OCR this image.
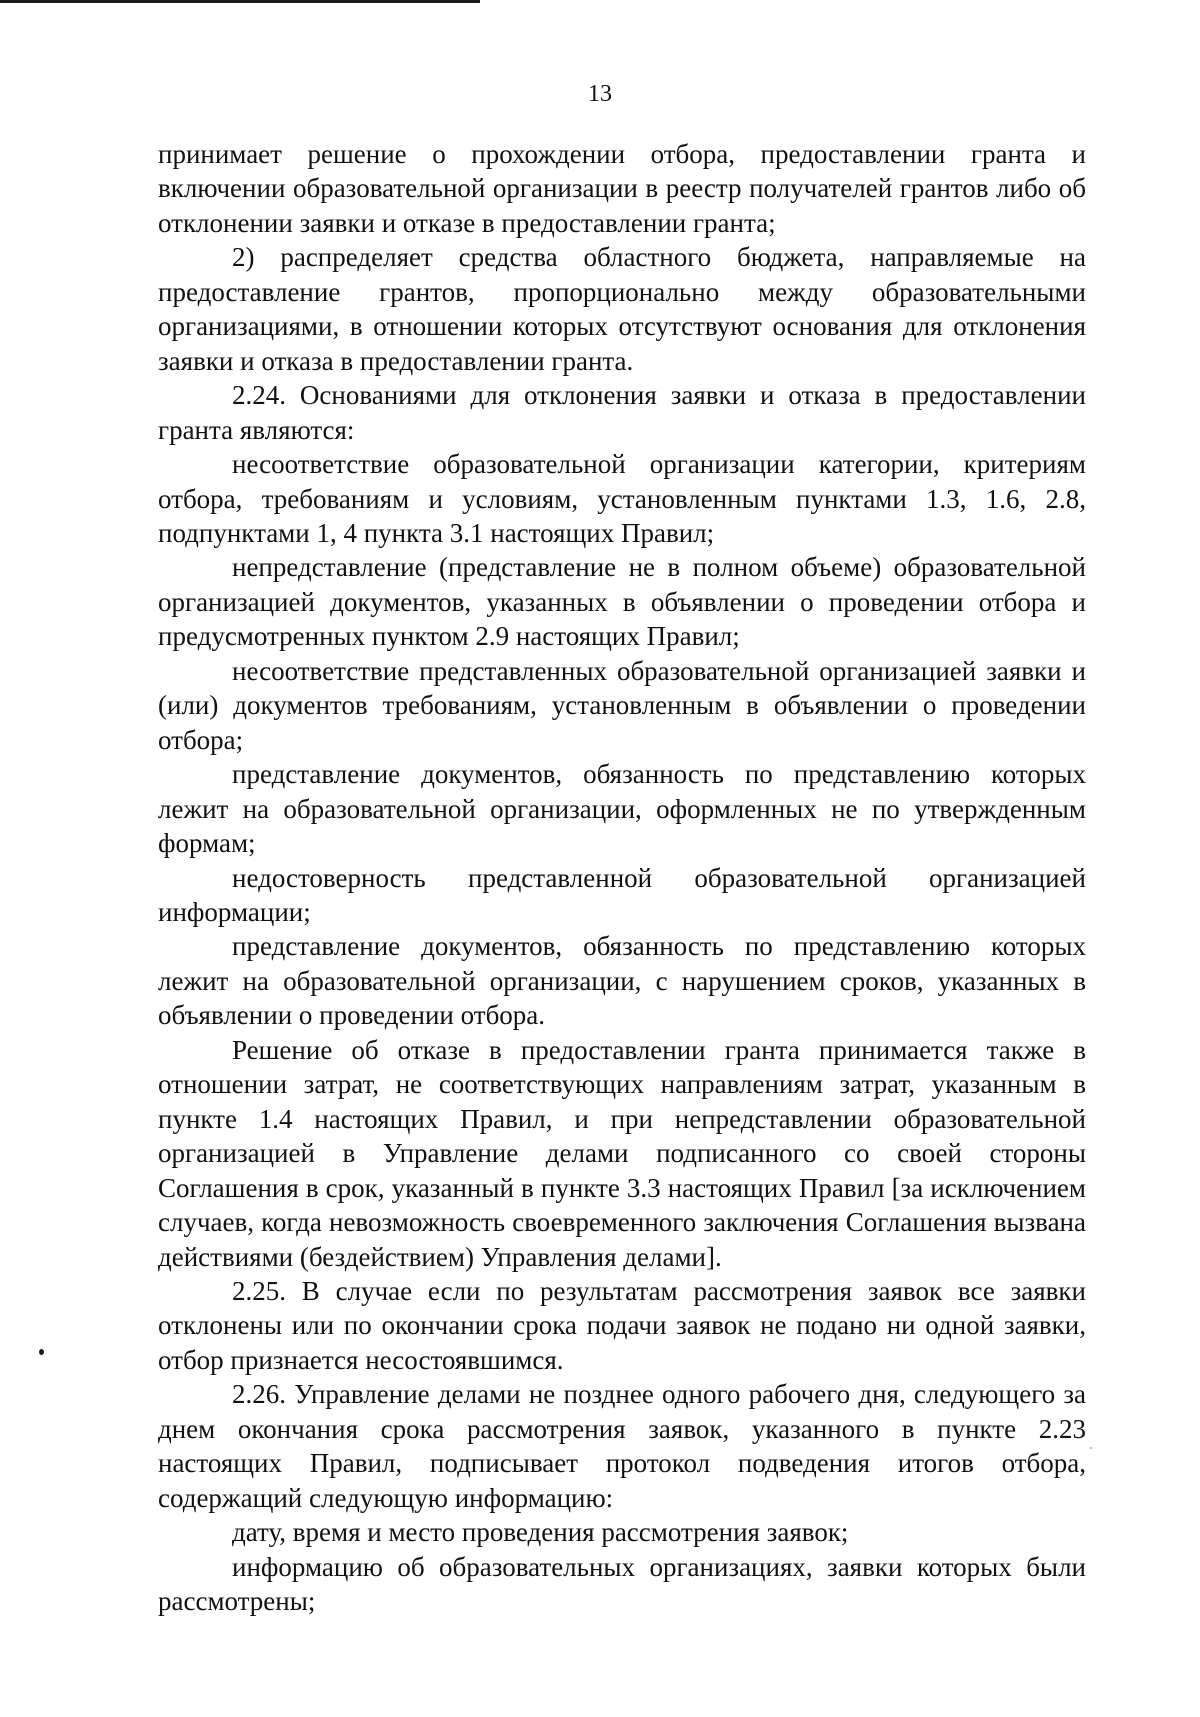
13

принимает решение о прохождении отбора, предоставлении гранта и включении образовательной организации в реестр получателей грантов либо об отклонении заявки и отказе в предоставлении гранта;

2) распределяет средства областного бюджета, направляемые на предоставление грантов, пропорционально между образовательными организациями, в отношении которых отсутствуют основания для отклонения заявки и отказа в предоставлении гранта.

2.24. Основаниями для отклонения заявки и отказа в предоставлении гранта являются:

несоответствие образовательной организации категории, критериям отбора, требованиям и условиям, установленным пунктами 1.3, 1.6, 2.8, подпунктами 1, 4 пункта 3.1 настоящих Правил;

непредставление (представление не в полном объеме) образовательной организацией документов, указанных в объявлении о проведении отбора и предусмотренных пунктом 2.9 настоящих Правил;

несоответствие представленных образовательной организацией заявки и (или) документов требованиям, установленным в объявлении о проведении отбора;

представление документов, обязанность по представлению которых лежит на образовательной организации, оформленных не по утвержденным формам;

недостоверность представленной образовательной организацией информации;

представление документов, обязанность по представлению которых лежит на образовательной организации, с нарушением сроков, указанных в объявлении о проведении отбора.

Решение об отказе в предоставлении гранта принимается также в отношении затрат, не соответствующих направлениям затрат, указанным в пункте 1.4 настоящих Правил, и при непредставлении образовательной организацией в Управление делами подписанного со своей стороны Соглашения в срок, указанный в пункте 3.3 настоящих Правил [за исключением случаев, когда невозможность своевременного заключения Соглашения вызвана действиями (бездействием) Управления делами].

2.25. В случае если по результатам рассмотрения заявок все заявки отклонены или по окончании срока подачи заявок не подано ни одной заявки, отбор признается несостоявшимся.

2.26. Управление делами не позднее одного рабочего дня, следующего за днем окончания срока рассмотрения заявок, указанного в пункте 2.23 настоящих Правил, подписывает протокол подведения итогов отбора, содержащий следующую информацию:

дату, время и место проведения рассмотрения заявок;

информацию об образовательных организациях, заявки которых были рассмотрены;
